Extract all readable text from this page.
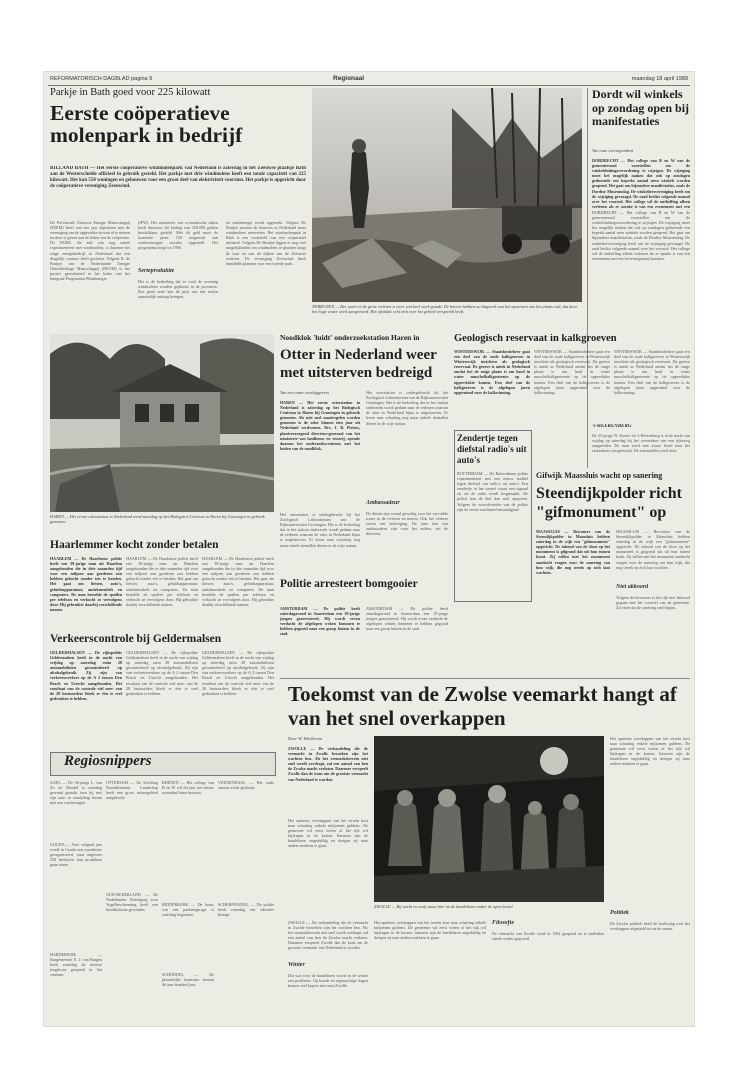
REFORMATORISCH DAGBLAD pagina 9	Regionaal	maandag 18 april 1988
Parkje in Bath goed voor 225 kilowatt
Eerste coöperatieve molenpark in bedrijf
RILLAND BATH — Het eerste coöperatieve windmolenpark van Nederland is zaterdag in het Zeeuwse plaatsje Bath aan de Westerschelde officieel in gebruik gesteld. Het parkje met drie windmolens heeft een totale capaciteit van 225 kilowatt. Het kan 550 woningen en gebouwen voor een groot deel van elektriciteit voorzien. Het parkje is opgericht door de coöperatieve vereniging Zeeuwind.
De Provinciale Zeeuwse Energie Maatschappij (PZEM) heeft van een jaar afgesloten met de vereniging om de opgewekte stroom af te nemen en door te geven aan de leden van de coöperatie. De PZEM, die zelf ook nog steeds experimenteert met windmolens, is daarmee het enige energiebedrijf in Nederland dat een dergelijk contract heeft gesloten. Volgens R. de Bruijne van de Nederlandse Energie Ontwikkelings Maatschappij (NEOM) is het project gerealiseerd in het kader van het Integraal Programma Windenergie.
(IPW). Het ministerie van economische zaken heeft daarvoor dit bedrag van 350.000 gulden beschikbaar gesteld. Met dit geld moet de komende jaren 150 megawatt aan windvermogen worden opgesteld. Het programma loopt tot 1990.
Serieproduktie
Het is de bedoeling dat er rond de zeventig windmolens worden geplaatst in de provincie. Een grote serie kan de prijs van een molen aanzienlijk omlaag brengen.
en windenergie wordt opgewekt. Volgens De Bruijne moeten de bouwers in Nederland meer windmolens neerzetten. Het windmolenpark in Bath is een voorbeeld van een coöperatief initiatief. Volgens De Bruijne liggen er nog veel mogelijkheden om windmolens te plaatsen langs de kust en aan de dijken van de Zeeuwse wateren. De vereniging Zeeuwind heeft inmiddels plannen voor een tweede park.
NEBRUNEN — Het water in de grote rivieren is weer wat heel sterk gezakt. De boeren hebben nu dagwerk aan het opruimen van het plaats vuil, dat door het hoge water werd aangevoerd. Het afvaldat echt zich over het gebied verspreidt heeft.
Dordt wil winkels op zondag open bij manifestaties
Van onze correspondent
DORDRECHT — Het college van B en W van de gemeenteraad voorstellen om de winkelsluitingsverordening te wijzigen. De wijziging moet het mogelijk maken dat ook op zondagen gedurende een beperkt aantal uren winkels worden geopend. Het gaat om bijzondere manifestaties, zoals de Dordtse Museumdag. De winkeliersvereniging heeft om de wijziging gevraagd. De raad beslist volgende maand over het voorstel. Het college wil de ontheffing alleen verlenen als er sprake is van een evenement met een
DORDRECHT — Het college van B en W van de gemeenteraad voorstellen om de winkelsluitingsverordening te wijzigen. De wijziging moet het mogelijk maken dat ook op zondagen gedurende een beperkt aantal uren winkels worden geopend. Het gaat om bijzondere manifestaties, zoals de Dordtse Museumdag. De winkeliersvereniging heeft om de wijziging gevraagd. De raad beslist volgende maand over het voorstel. Het college wil de ontheffing alleen verlenen als er sprake is van een evenement met een bovenregionaal karakter.
's-HEERENBERG
De 23-jarige W. Kuster uit 's-Heerenberg is in de nacht van vrijdag op zaterdag bij het oversteken van een rijksweg aangereden. De man werd met zwaar letsel naar het ziekenhuis overgebracht. De automobilist reed door.
HAREN — Het eerste otterstation in Nederland werd zaterdag op het Biologisch Centrum in Haren bij Groningen in gebruik genomen.
Noodklok 'luidt' onderzoekstation Haren in
Otter in Nederland weer met uitsterven bedreigd
Van een onzer verslaggevers
HAREN — Het eerste otterstation in Nederland is zaterdag op het Biologisch Centrum in Haren bij Groningen in gebruik genomen. Als niet snel maatregelen worden genomen is de otter binnen tien jaar uit Nederland verdwenen. Drs. J. B. Pieters, plantverzorgend directeur-generaal van het ministerie van landbouw en visserij, opende daarom het onderzoekscentrum met het luiden van de noodklok.
Het otterstation is ondergebracht bij het Zoölogisch Laboratorium van de Rijksuniversiteit Groningen. Het is de bedoeling dat in het station onderzoek wordt gedaan naar de redenen waarom de otter in Nederland bijna is uitgestorven. Er leven naar schatting nog maar enkele tientallen dieren in de vrije natuur.
Het otterstation is ondergebracht bij het Zoölogisch Laboratorium van de Rijksuniversiteit Groningen. Het is de bedoeling dat in het station onderzoek wordt gedaan naar de redenen waarom de otter in Nederland bijna is uitgestorven. Er leven naar schatting nog maar enkele tientallen dieren in de vrije natuur.
Ambassadeur
De dieren zijn vooral gevoelig voor het vervuilde water in de rivieren en meren. Ook het verkeer vormt een bedreiging. De otter kan een ambassadeur zijn voor het milieu, zei de directeur.
Geologisch reservaat in kalkgroeven
WINTERSWIJK — Staatsbosbeheer gaat een deel van de oude kalkgroeven in Winterswijk inrichten als geologisch reservaat. De groeve is uniek in Nederland omdat het de enige plaats is om hard in water muschelkalkgesteente op de oppervlakte komen. Een deel van de kalkgroeven is de afgelopen jaren opgeruimd voor de kalkwinning.
WINTERSWIJK — Staatsbosbeheer gaat een deel van de oude kalkgroeven in Winterswijk inrichten als geologisch reservaat. De groeve is uniek in Nederland omdat het de enige plaats is om hard in water muschelkalkgesteente op de oppervlakte komen. Een deel van de kalkgroeven is de afgelopen jaren opgeruimd voor de kalkwinning.
WINTERSWIJK — Staatsbosbeheer gaat een deel van de oude kalkgroeven in Winterswijk inrichten als geologisch reservaat. De groeve is uniek in Nederland omdat het de enige plaats is om hard in water muschelkalkgesteente op de oppervlakte komen. Een deel van de kalkgroeven is de afgelopen jaren opgeruimd voor de kalkwinning.
Zendertje tegen diefstal radio's uit auto's
ROTTERDAM — De Rotterdamse politie experimenteert met een nieuw middel tegen diefstal van radio's uit auto's. Een zendertje in het toestel stuurt een signaal uit als de radio wordt losgemaakt. De politie kan de dief dan snel opsporen. Volgens de woordvoerder van de politie zijn de eerste resultaten bemoedigend.
Gifwijk Maassluis wacht op sanering
Steendijkpolder richt "gifmonument" op
MAASSLUIS — Bewoners van de Steendijkpolder in Maassluis hebben zaterdag in de wijk een "gifmonument" opgericht. De inhoud van de sloot op het monument is gifgrond dat uit hun tuinen komt. Zij willen met het monument aandacht vragen voor de sanering van hun wijk, die nog steeds op zich laat wachten.
MAASSLUIS — Bewoners van de Steendijkpolder in Maassluis hebben zaterdag in de wijk een "gifmonument" opgericht. De inhoud van de sloot op het monument is gifgrond dat uit hun tuinen komt. Zij willen met het monument aandacht vragen voor de sanering van hun wijk, die nog steeds op zich laat wachten.
Niet akkoord
Volgens de bewoners is het rijk niet akkoord gegaan met het voorstel van de gemeente. Zij eisen dat de sanering snel begint.
Haarlemmer kocht zonder betalen
HAARLEM — De Haarlemse politie heeft een 39-jarige man uit Haarlem aangehouden die in drie maanden tijd voor een miljoen aan goederen zou hebben gekocht zonder iets te betalen. Het gaat om fietsen, auto's, geluidsapparatuur, antiekmeubels en computers. De man bestelde de spullen per telefoon en verkocht ze vervolgens door. Hij gebruikte daarbij verschillende namen.
HAARLEM — De Haarlemse politie heeft een 39-jarige man uit Haarlem aangehouden die in drie maanden tijd voor een miljoen aan goederen zou hebben gekocht zonder iets te betalen. Het gaat om fietsen, auto's, geluidsapparatuur, antiekmeubels en computers. De man bestelde de spullen per telefoon en verkocht ze vervolgens door. Hij gebruikte daarbij verschillende namen.
HAARLEM — De Haarlemse politie heeft een 39-jarige man uit Haarlem aangehouden die in drie maanden tijd voor een miljoen aan goederen zou hebben gekocht zonder iets te betalen. Het gaat om fietsen, auto's, geluidsapparatuur, antiekmeubels en computers. De man bestelde de spullen per telefoon en verkocht ze vervolgens door. Hij gebruikte daarbij verschillende namen.
Verkeerscontrole bij Geldermalsen
GELDERMALSEN — De rijkspolitie Geldermalsen heeft in de nacht van vrijdag op zaterdag ruim 28 automobilisten gecontroleerd op alcoholgebruik. Zij zijn van verkeerswerkers op de A 2 tussen Den Bosch en Utrecht aangehouden. Het resultaat van de controle viel mee: van de 28 bestuurders bleek er één te veel gedronken te hebben.
GELDERMALSEN — De rijkspolitie Geldermalsen heeft in de nacht van vrijdag op zaterdag ruim 28 automobilisten gecontroleerd op alcoholgebruik. Zij zijn van verkeerswerkers op de A 2 tussen Den Bosch en Utrecht aangehouden. Het resultaat van de controle viel mee: van de 28 bestuurders bleek er één te veel gedronken te hebben.
GELDERMALSEN — De rijkspolitie Geldermalsen heeft in de nacht van vrijdag op zaterdag ruim 28 automobilisten gecontroleerd op alcoholgebruik. Zij zijn van verkeerswerkers op de A 2 tussen Den Bosch en Utrecht aangehouden. Het resultaat van de controle viel mee: van de 28 bestuurders bleek er één te veel gedronken te hebben.
Politie arresteert bomgooier
AMSTERDAM — De politie heeft zaterdagavond in Amsterdam een 19-jarige jongen gearresteerd. Hij wordt ervan verdacht de afgelopen weken bommen te hebben gegooid naar een groep huizen in de stad.
AMSTERDAM — De politie heeft zaterdagavond in Amsterdam een 19-jarige jongen gearresteerd. Hij wordt ervan verdacht de afgelopen weken bommen te hebben gegooid naar een groep huizen in de stad.
Toekomst van de Zwolse veemarkt hangt af van het snel overkappen
Door W. Eikelboom
ZWOLLE — De verhandeling die de veemarkt in Zwolle bezoeken zijn het wachten beu. Als het veemarktterrein niet snel wordt overkapt, zal een aantal van hen de Zwolse markt verlaten. Daarmee verspeelt Zwolle dan de kans om de grootste veemarkt van Nederland te worden.
Het opnieuw overkappen van het terrein kost naar schatting enkele miljoenen guldens. De gemeente wil eerst weten of het rijk wil bijdragen in de kosten. Intussen zijn de handelaren ongeduldig en dreigen zij naar andere markten te gaan.
ZWOLLE — De verhandeling die de veemarkt in Zwolle bezoeken zijn het wachten beu. Als het veemarktterrein niet snel wordt overkapt, zal een aantal van hen de Zwolse markt verlaten. Daarmee verspeelt Zwolle dan de kans om de grootste veemarkt van Nederland te worden.
Winter
Dat was voor de handelaren vooral in de winter een probleem. Op koude en regenachtige dagen komen veel kopers niet naar Zwolle.
ZWOLLE — Bij nacht en ontij staan hier nu de handelaren onder de open hemel.
Het opnieuw overkappen van het terrein kost naar schatting enkele miljoenen guldens. De gemeente wil eerst weten of het rijk wil bijdragen in de kosten. Intussen zijn de handelaren ongeduldig en dreigen zij naar andere markten te gaan.
Filosofie
De veemarkt van Zwolle werd in 1962 geopend en is sindsdien steeds verder gegroeid.
Het opnieuw overkappen van het terrein kost naar schatting enkele miljoenen guldens. De gemeente wil eerst weten of het rijk wil bijdragen in de kosten. Intussen zijn de handelaren ongeduldig en dreigen zij naar andere markten te gaan.
Politiek
De Zwolse politiek heeft de beslissing over het overkappen uitgesteld tot na de zomer.
Regiosnippers
AXEL — De 56-jarige L. van Zo uit Sluiskil is zaterdag gewond geraakt toen hij met zijn auto in aanrijding kwam met een vrachtwagen.
GOUDA — Voor volgend jaar wordt in Gouda een woonbeurs georganiseerd, waar ongeveer 250 bedrijven hun produkten gaan tonen.
HARDERWIJK — Burgemeester E. J. van Burgen heeft zaterdag de nieuwe jeugdsoos geopend in het centrum.
OTTERSUM — De Stichting Noordbrabants Landschap heeft een groot natuurgebied aangekocht.
OUD-BEIJERLAND — De Nederlandse Vereniging voor Vogelbescherming heeft een broedkolonie gevonden.
RHENEN — Het college van B en W wil dit jaar een nieuw zwembad laten bouwen.
RIDDERKERK — De bouw van een parkeergarage is zaterdag begonnen.
SCHIJNDEL — De plaatselijke harmonie bestaat dit jaar honderd jaar.
VEENENDAAL — Het oude station wordt gesloopt.
SCHERPENZEEL — De politie heeft zaterdag een inbreker betrapt.
